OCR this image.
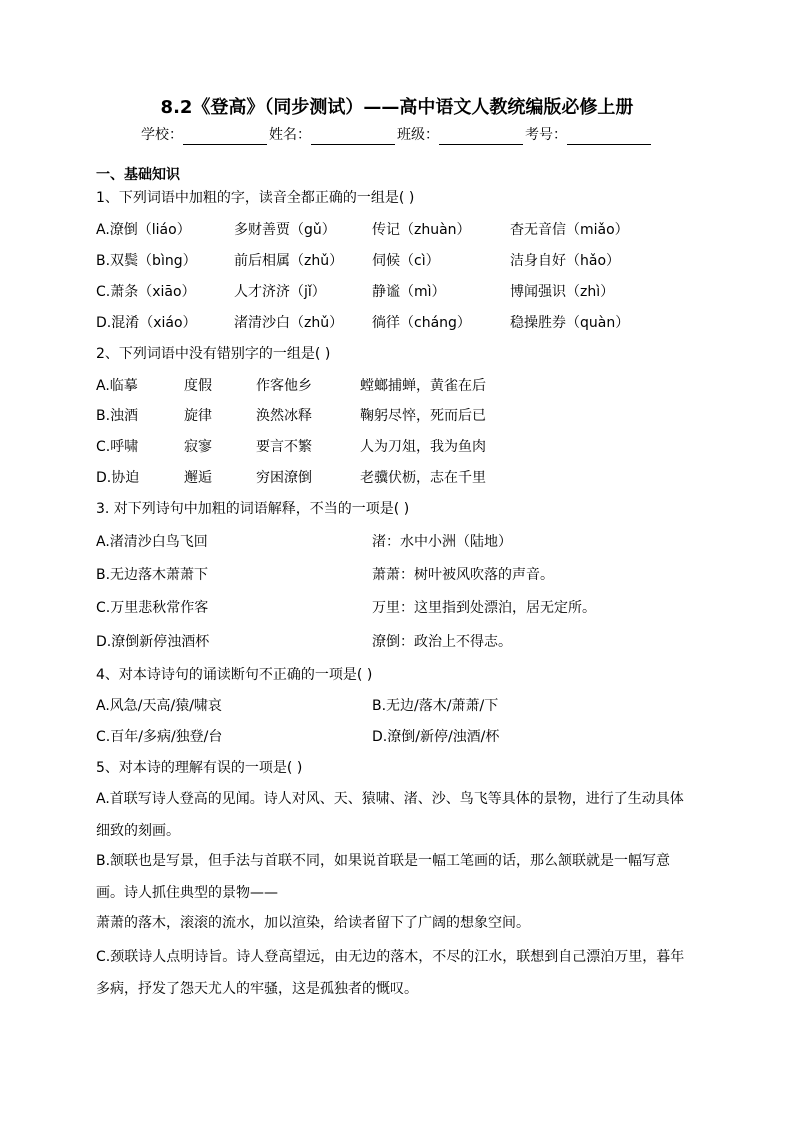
8.2《登高》（同步测试）——高中语文人教统编版必修上册
学校：	姓名：	班级：	考号：
一、基础知识
1、下列词语中加粗的字，读音全都正确的一组是( )
A.潦倒（liáo）	多财善贾（gǔ）	传记（zhuàn）	杳无音信（miǎo）
B.双鬓（bìng）	前后相属（zhǔ） 伺候（cì）	洁身自好（hǎo）
C.萧条（xiāo）	人才济济（jǐ）	静谧（mì）	博闻强识（zhì）
D.混淆（xiáo）	渚清沙白（zhǔ） 徜徉（cháng）	稳操胜券（quàn）
2、下列词语中没有错别字的一组是( )
A.临摹	度假	作客他乡	螳螂捕蝉，黄雀在后
B.浊酒	旋律	涣然冰释	鞠躬尽悴，死而后已
C.呼啸	寂寥	要言不繁	人为刀俎，我为鱼肉
D.协迫	邂逅	穷困潦倒	老骥伏枥，志在千里
3. 对下列诗句中加粗的词语解释，不当的一项是( )
A.渚清沙白鸟飞回	渚：水中小洲（陆地）
B.无边落木萧萧下	萧萧：树叶被风吹落的声音。
C.万里悲秋常作客	万里：这里指到处漂泊，居无定所。
D.潦倒新停浊酒杯	潦倒：政治上不得志。
4、对本诗诗句的诵读断句不正确的一项是( )
A.风急/天高/猿/啸哀	B.无边/落木/萧萧/下
C.百年/多病/独登/台	D.潦倒/新停/浊酒/杯
5、对本诗的理解有误的一项是( )
A.首联写诗人登高的见闻。诗人对风、天、猿啸、渚、沙、鸟飞等具体的景物，进行了生动具体细致的刻画。
B.颔联也是写景，但手法与首联不同，如果说首联是一幅工笔画的话，那么颔联就是一幅写意画。诗人抓住典型的景物——
萧萧的落木，滚滚的流水，加以渲染，给读者留下了广阔的想象空间。
C.颈联诗人点明诗旨。诗人登高望远，由无边的落木，不尽的江水，联想到自己漂泊万里，暮年多病，抒发了怨天尤人的牢骚，这是孤独者的慨叹。
